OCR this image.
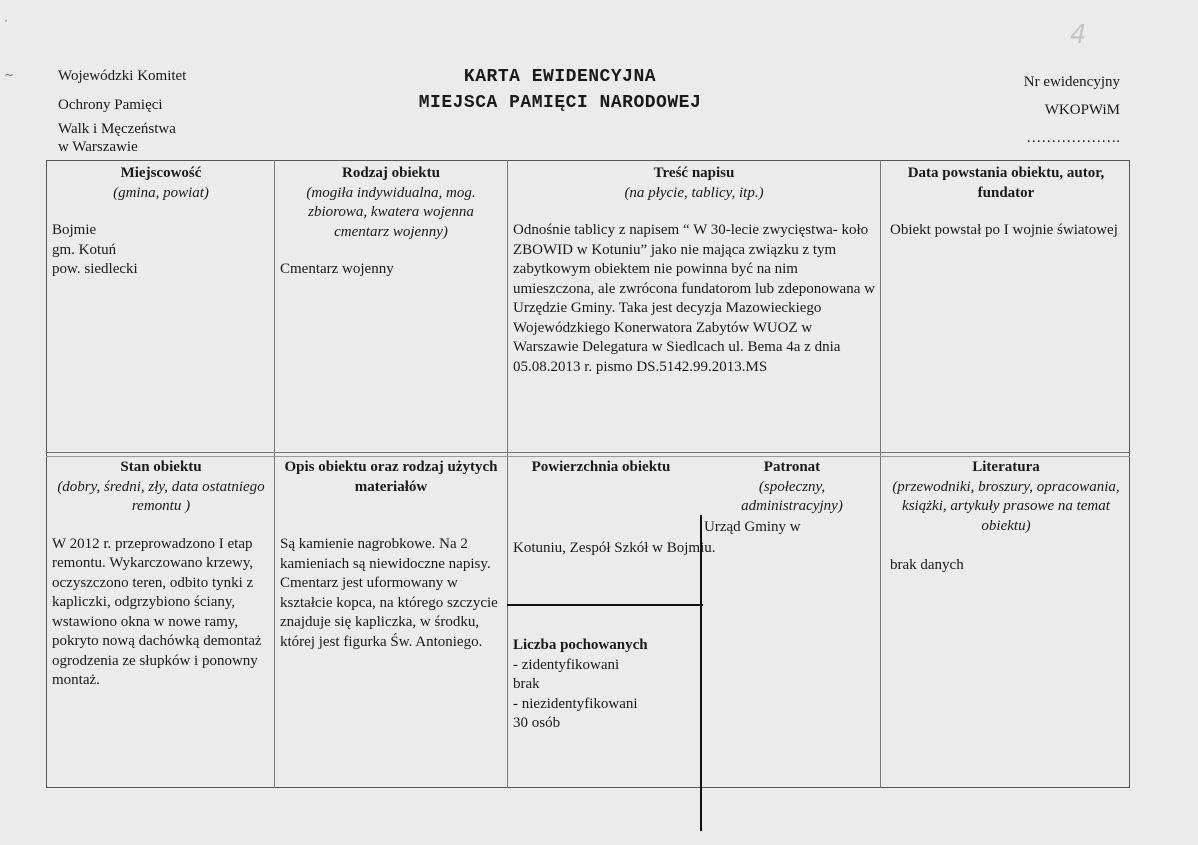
Wojewódzki Komitet
Ochrony Pamięci
Walk i Męczeństwa
w Warszawie
KARTA EWIDENCYJNA
MIEJSCA PAMIĘCI NARODOWEJ
Nr ewidencyjny
WKOPWiM
……………….
4
·
~
Miejscowość
(gmina, powiat)
Bojmie
gm. Kotuń
pow. siedlecki
Rodzaj obiektu
(mogiła indywidualna, mog. zbiorowa, kwatera wojenna cmentarz wojenny)
Cmentarz wojenny
Treść napisu
(na płycie, tablicy, itp.)
Odnośnie tablicy z napisem “ W 30-lecie zwycięstwa- koło ZBOWID w Kotuniu” jako nie mająca związku z tym zabytkowym obiektem nie powinna być na nim umieszczona, ale zwrócona fundatorom lub zdeponowana w Urzędzie Gminy. Taka jest decyzja Mazowieckiego Wojewódzkiego Konerwatora Zabytów WUOZ w Warszawie Delegatura w Siedlcach ul. Bema 4a z dnia 05.08.2013 r. pismo DS.5142.99.2013.MS
Data powstania obiektu, autor, fundator
Obiekt powstał po I wojnie światowej
Stan obiektu
(dobry, średni, zły, data ostatniego remontu )
W 2012 r. przeprowadzono I etap remontu. Wykarczowano krzewy, oczyszczono teren, odbito tynki z kapliczki, odgrzybiono ściany, wstawiono okna w nowe ramy, pokryto nową dachówką demontaż ogrodzenia ze słupków i ponowny montaż.
Opis obiektu oraz rodzaj użytych materiałów
Są kamienie nagrobkowe. Na 2 kamieniach są niewidoczne napisy. Cmentarz jest uformowany w kształcie kopca, na którego szczycie znajduje się kapliczka, w środku, której jest figurka Św. Antoniego.
Powierzchnia obiektu	Patronat
(społeczny, administracyjny)
Urząd Gminy w
Kotuniu, Zespół Szkół w Bojmiu.
Liczba pochowanych
- zidentyfikowani
brak
- niezidentyfikowani
30 osób
Literatura
(przewodniki, broszury, opracowania, książki, artykuły prasowe na temat obiektu)
brak danych
